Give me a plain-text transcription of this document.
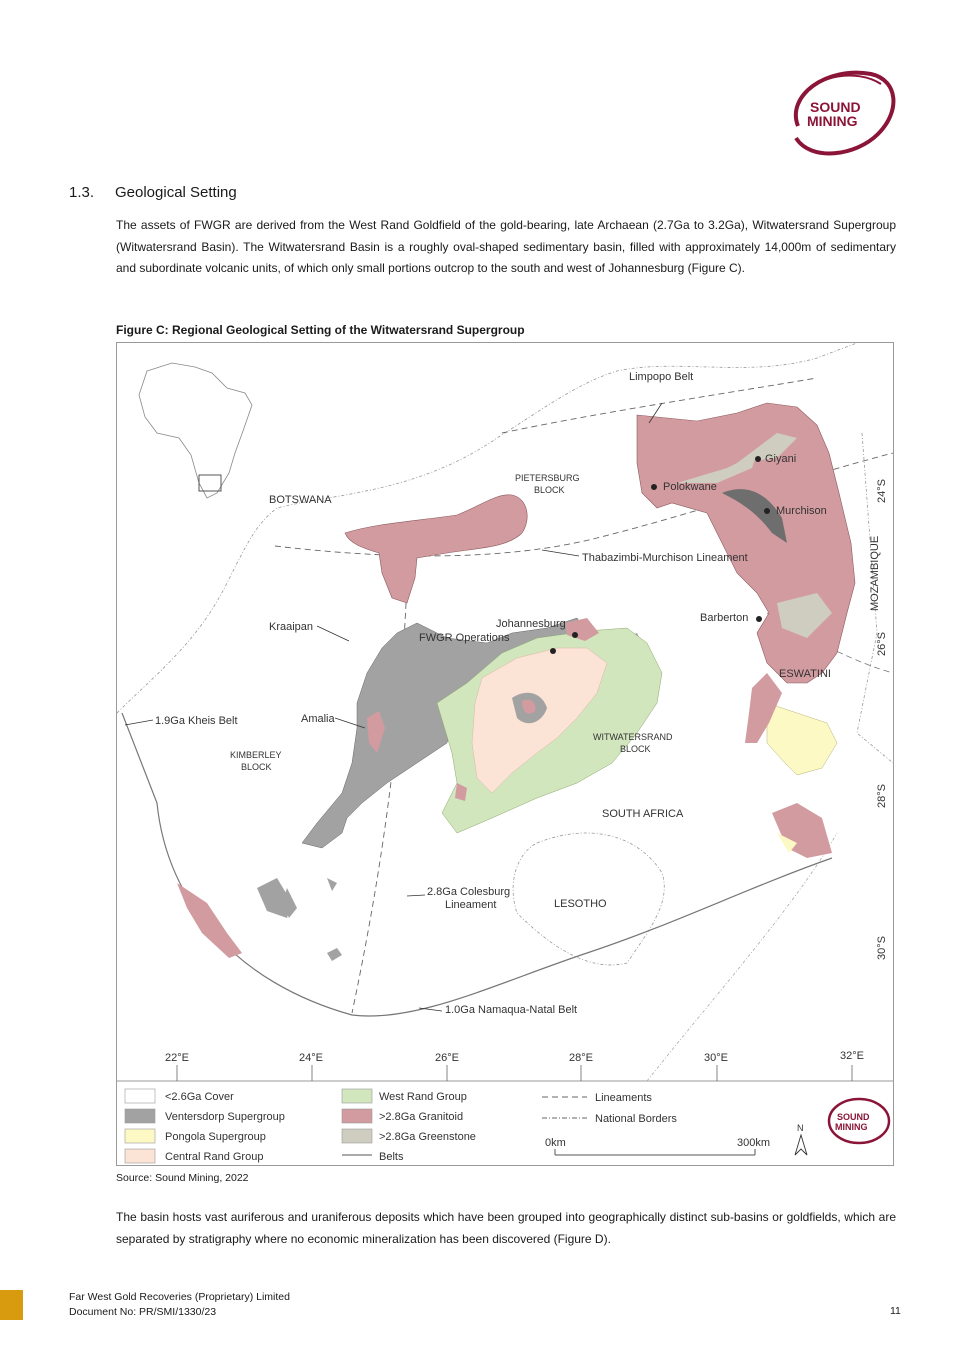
SOUND
MINING
1.3. Geological Setting
The assets of FWGR are derived from the West Rand Goldfield of the gold-bearing, late Archaean (2.7Ga to 3.2Ga), Witwatersrand Supergroup (Witwatersrand Basin). The Witwatersrand Basin is a roughly oval-shaped sedimentary basin, filled with approximately 14,000m of sedimentary and subordinate volcanic units, of which only small portions outcrop to the south and west of Johannesburg (Figure C).
Figure C: Regional Geological Setting of the Witwatersrand Supergroup
BOTSWANA
PIETERSBURG
BLOCK
Limpopo Belt
Giyani
Polokwane
Murchison
Thabazimbi-Murchison Lineament	MOZAMBIQUE
Barberton
ESWATINI
Kraaipan	Johannesburg
FWGR Operations
1.9Ga Kheis Belt	Amalia
KIMBERLEY
BLOCK
WITWATERSRAND
BLOCK
SOUTH AFRICA
2.8Ga Colesburg
Lineament	LESOTHO
1.0Ga Namaqua-Natal Belt
24°S
26°S
28°S
30°S
22°E	24°E	26°E	28°E	30°E	32°E
<2.6Ga Cover
Ventersdorp Supergroup
Pongola Supergroup
Central Rand Group
West Rand Group
>2.8Ga Granitoid
>2.8Ga Greenstone
Belts
Lineaments
National Borders
0km	300km
N
SOUND
MINING
Source: Sound Mining, 2022
The basin hosts vast auriferous and uraniferous deposits which have been grouped into geographically distinct sub-basins or goldfields, which are separated by stratigraphy where no economic mineralization has been discovered (Figure D).
Far West Gold Recoveries (Proprietary) Limited
Document No: PR/SMI/1330/23	11
